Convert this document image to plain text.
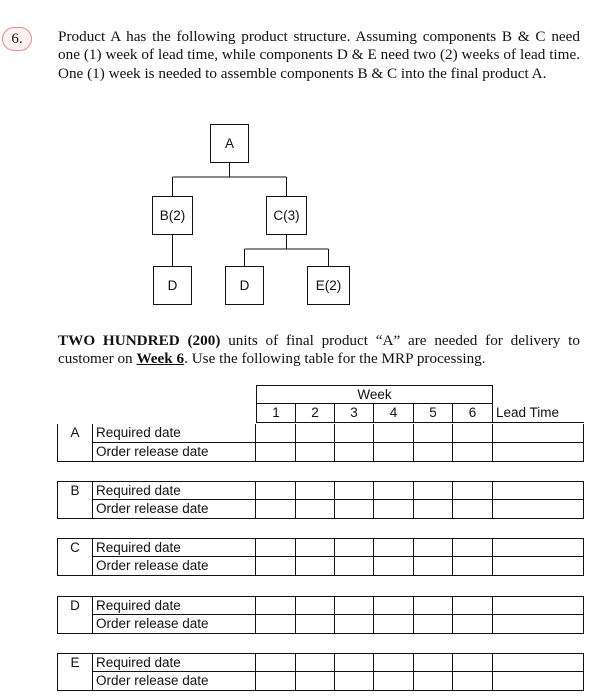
6.	Product A has the following product structure. Assuming components B & C need one (1) week of lead time, while components D & E need two (2) weeks of lead time. One (1) week is needed to assemble components B & C into the final product A.

A
B(2)	C(3)
D	D	E(2)

TWO HUNDRED (200) units of final product “A” are needed for delivery to customer on Week 6. Use the following table for the MRP processing.

Week
1	2	3	4	5	6	Lead Time
A	Required date
Order release date
B	Required date
Order release date
C	Required date
Order release date
D	Required date
Order release date
E	Required date
Order release date
